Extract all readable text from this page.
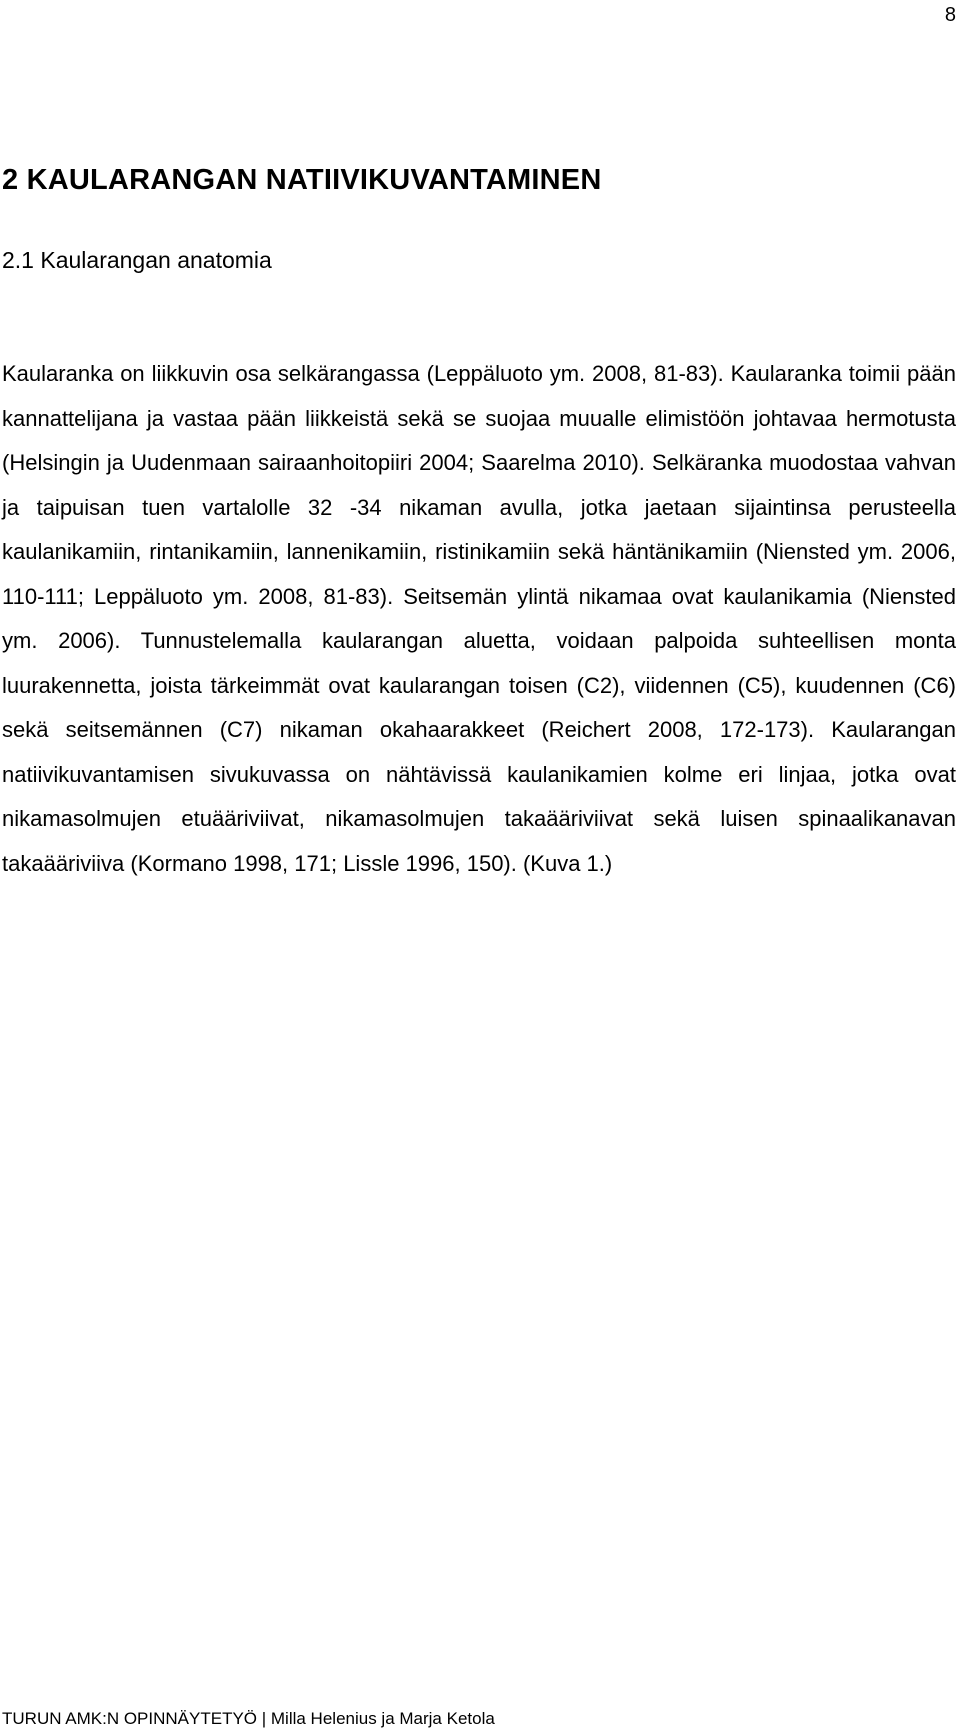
8
2 KAULARANGAN NATIIVIKUVANTAMINEN
2.1 Kaularangan anatomia

Kaularanka on liikkuvin osa selkärangassa (Leppäluoto ym. 2008, 81-83). Kaularanka toimii pään kannattelijana ja vastaa pään liikkeistä sekä se suojaa muualle elimistöön johtavaa hermotusta (Helsingin ja Uudenmaan sairaanhoitopiiri 2004; Saarelma 2010). Selkäranka muodostaa vahvan ja taipuisan tuen vartalolle 32 -34 nikaman avulla, jotka jaetaan sijaintinsa perusteella kaulanikamiin, rintanikamiin, lannenikamiin, ristinikamiin sekä häntänikamiin (Niensted ym. 2006, 110-111; Leppäluoto ym. 2008, 81-83). Seitsemän ylintä nikamaa ovat kaulanikamia (Niensted ym. 2006). Tunnustelemalla kaularangan aluetta, voidaan palpoida suhteellisen monta luurakennetta, joista tärkeimmät ovat kaularangan toisen (C2), viidennen (C5), kuudennen (C6) sekä seitsemännen (C7) nikaman okahaarakkeet (Reichert 2008, 172-173). Kaularangan natiivikuvantamisen sivukuvassa on nähtävissä kaulanikamien kolme eri linjaa, jotka ovat nikamasolmujen etuääriviivat, nikamasolmujen takaääriviivat sekä luisen spinaalikanavan takaääriviiva (Kormano 1998, 171; Lissle 1996, 150). (Kuva 1.)

TURUN AMK:N OPINNÄYTETYÖ | Milla Helenius ja Marja Ketola
